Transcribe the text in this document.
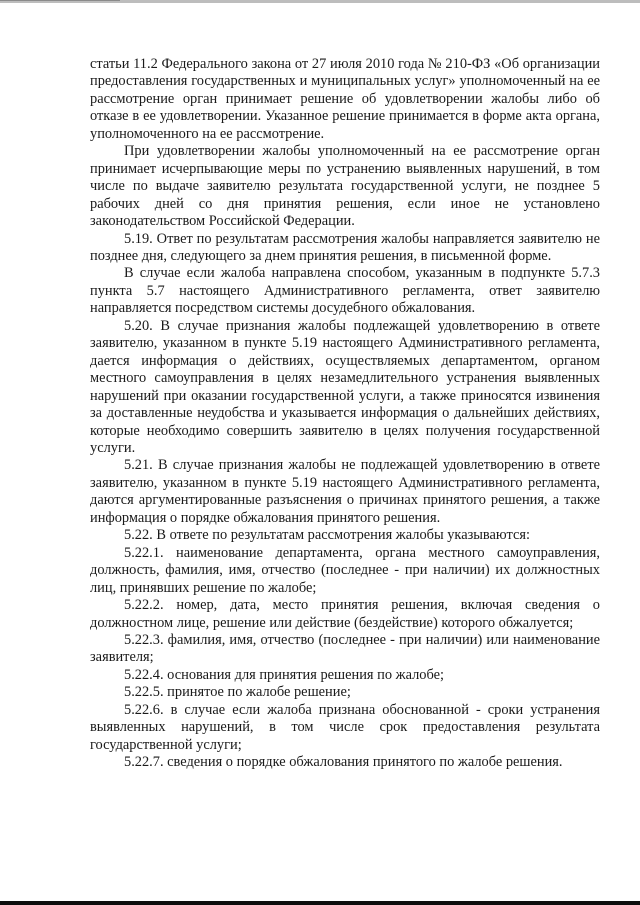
статьи 11.2 Федерального закона от 27 июля 2010 года № 210-ФЗ «Об организации предоставления государственных и муниципальных услуг» уполномоченный на ее рассмотрение орган принимает решение об удовлетворении жалобы либо об отказе в ее удовлетворении. Указанное решение принимается в форме акта органа, уполномоченного на ее рассмотрение.

При удовлетворении жалобы уполномоченный на ее рассмотрение орган принимает исчерпывающие меры по устранению выявленных нарушений, в том числе по выдаче заявителю результата государственной услуги, не позднее 5 рабочих дней со дня принятия решения, если иное не установлено законодательством Российской Федерации.

5.19. Ответ по результатам рассмотрения жалобы направляется заявителю не позднее дня, следующего за днем принятия решения, в письменной форме.

В случае если жалоба направлена способом, указанным в подпункте 5.7.3 пункта 5.7 настоящего Административного регламента, ответ заявителю направляется посредством системы досудебного обжалования.

5.20. В случае признания жалобы подлежащей удовлетворению в ответе заявителю, указанном в пункте 5.19 настоящего Административного регламента, дается информация о действиях, осуществляемых департаментом, органом местного самоуправления в целях незамедлительного устранения выявленных нарушений при оказании государственной услуги, а также приносятся извинения за доставленные неудобства и указывается информация о дальнейших действиях, которые необходимо совершить заявителю в целях получения государственной услуги.

5.21. В случае признания жалобы не подлежащей удовлетворению в ответе заявителю, указанном в пункте 5.19 настоящего Административного регламента, даются аргументированные разъяснения о причинах принятого решения, а также информация о порядке обжалования принятого решения.

5.22. В ответе по результатам рассмотрения жалобы указываются:

5.22.1. наименование департамента, органа местного самоуправления, должность, фамилия, имя, отчество (последнее - при наличии) их должностных лиц, принявших решение по жалобе;

5.22.2. номер, дата, место принятия решения, включая сведения о должностном лице, решение или действие (бездействие) которого обжалуется;

5.22.3. фамилия, имя, отчество (последнее - при наличии) или наименование заявителя;

5.22.4. основания для принятия решения по жалобе;

5.22.5. принятое по жалобе решение;

5.22.6. в случае если жалоба признана обоснованной - сроки устранения выявленных нарушений, в том числе срок предоставления результата государственной услуги;

5.22.7. сведения о порядке обжалования принятого по жалобе решения.
